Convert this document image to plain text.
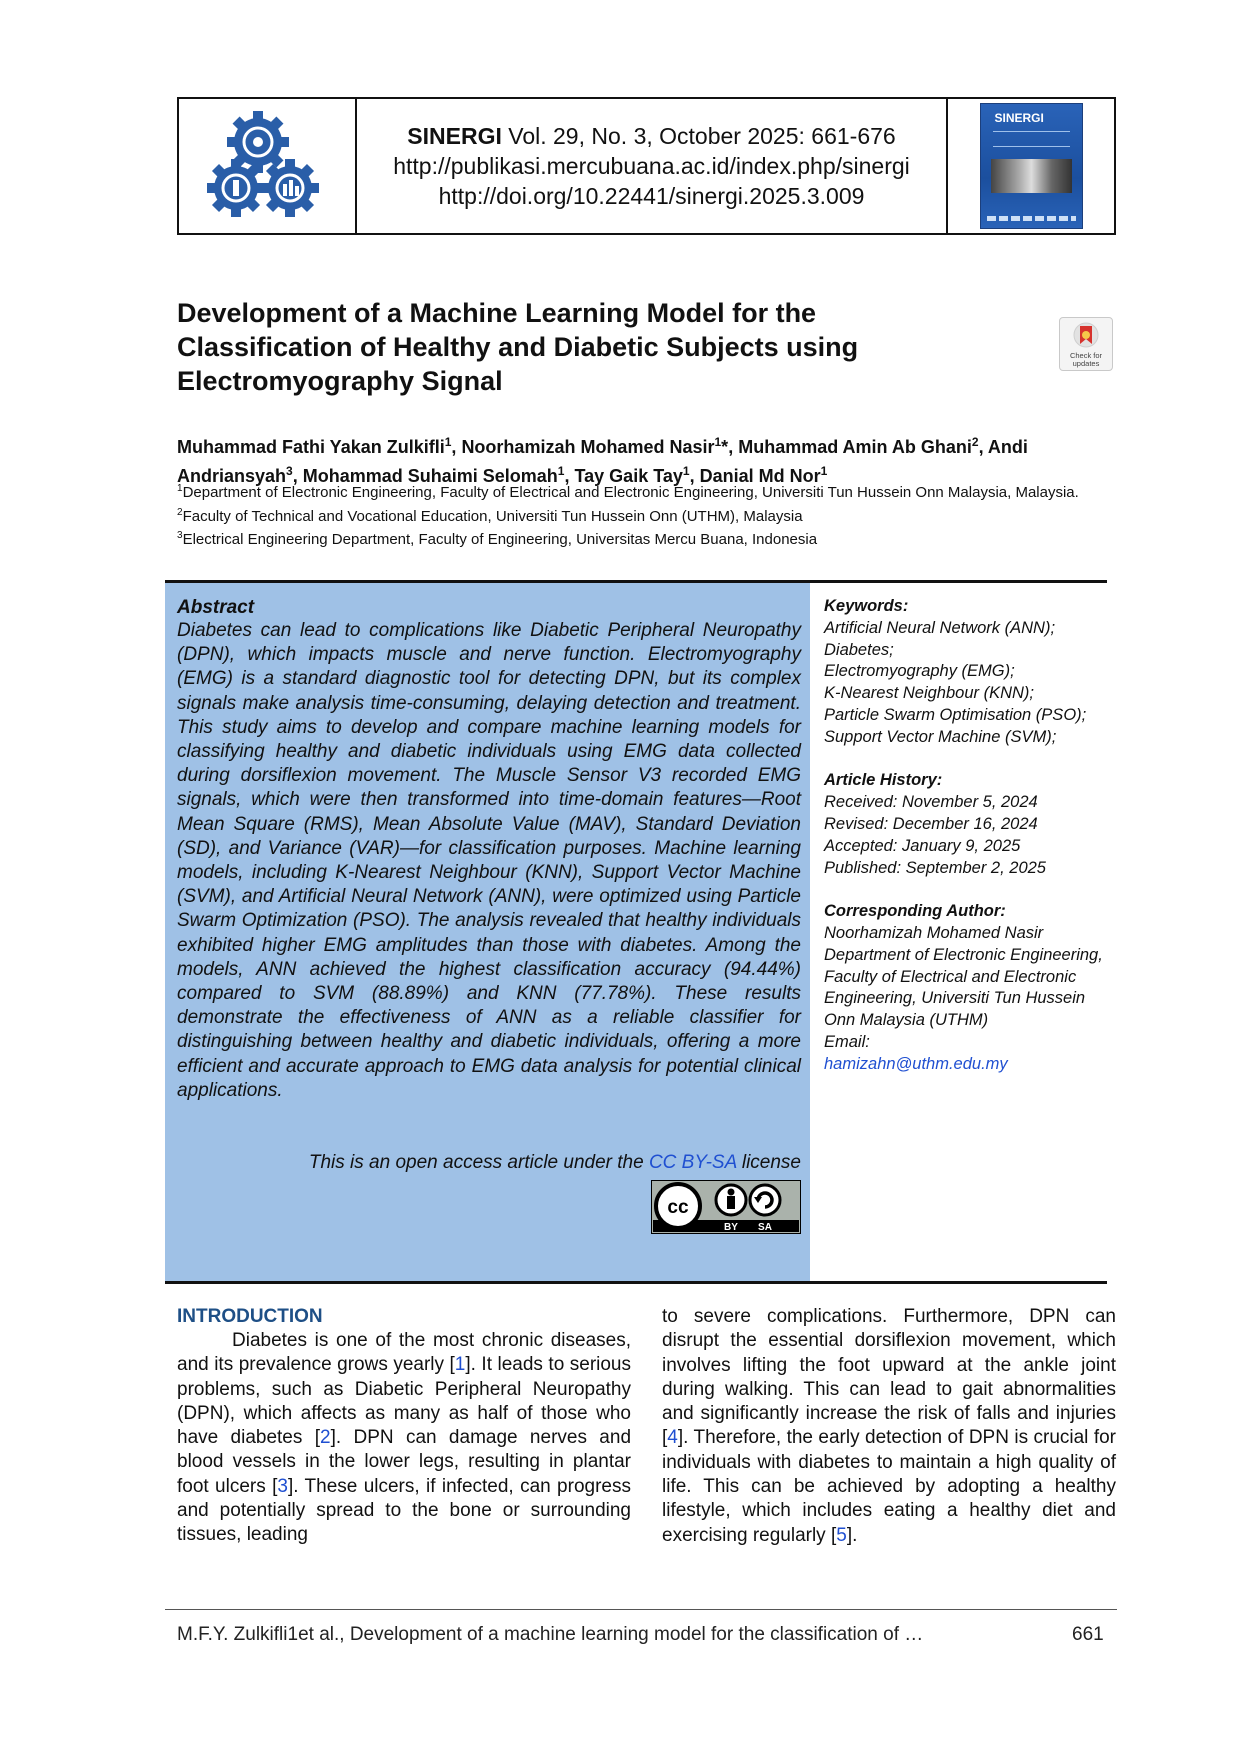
SINERGI Vol. 29, No. 3, October 2025: 661-676
http://publikasi.mercubuana.ac.id/index.php/sinergi
http://doi.org/10.22441/sinergi.2025.3.009
SINERGI
Development of a Machine Learning Model for the Classification of Healthy and Diabetic Subjects using Electromyography Signal
Check for updates
Muhammad Fathi Yakan Zulkifli$^1$, Noorhamizah Mohamed Nasir$^1$*, Muhammad Amin Ab Ghani$^2$, Andi Andriansyah$^3$, Mohammad Suhaimi Selomah$^1$, Tay Gaik Tay$^1$, Danial Md Nor$^1$
$^1$Department of Electronic Engineering, Faculty of Electrical and Electronic Engineering, Universiti Tun Hussein Onn Malaysia, Malaysia.
$^2$Faculty of Technical and Vocational Education, Universiti Tun Hussein Onn (UTHM), Malaysia
$^3$Electrical Engineering Department, Faculty of Engineering, Universitas Mercu Buana, Indonesia
Abstract

Diabetes can lead to complications like Diabetic Peripheral Neuropathy (DPN), which impacts muscle and nerve function. Electromyography (EMG) is a standard diagnostic tool for detecting DPN, but its complex signals make analysis time-consuming, delaying detection and treatment. This study aims to develop and compare machine learning models for classifying healthy and diabetic individuals using EMG data collected during dorsiflexion movement. The Muscle Sensor V3 recorded EMG signals, which were then transformed into time-domain features—Root Mean Square (RMS), Mean Absolute Value (MAV), Standard Deviation (SD), and Variance (VAR)—for classification purposes. Machine learning models, including K-Nearest Neighbour (KNN), Support Vector Machine (SVM), and Artificial Neural Network (ANN), were optimized using Particle Swarm Optimization (PSO). The analysis revealed that healthy individuals exhibited higher EMG amplitudes than those with diabetes. Among the models, ANN achieved the highest classification accuracy (94.44%) compared to SVM (88.89%) and KNN (77.78%). These results demonstrate the effectiveness of ANN as a reliable classifier for distinguishing between healthy and diabetic individuals, offering a more efficient and accurate approach to EMG data analysis for potential clinical applications.

This is an open access article under the CC BY-SA license
cc
BY SA
Keywords:
Artificial Neural Network (ANN);
Diabetes;
Electromyography (EMG);
K-Nearest Neighbour (KNN);
Particle Swarm Optimisation (PSO);
Support Vector Machine (SVM);
Article History:
Received: November 5, 2024
Revised: December 16, 2024
Accepted: January 9, 2025
Published: September 2, 2025
Corresponding Author:
Noorhamizah Mohamed Nasir
Department of Electronic Engineering, Faculty of Electrical and Electronic Engineering, Universiti Tun Hussein Onn Malaysia (UTHM)
Email:
hamizahn@uthm.edu.my
INTRODUCTION

Diabetes is one of the most chronic diseases, and its prevalence grows yearly [1]. It leads to serious problems, such as Diabetic Peripheral Neuropathy (DPN), which affects as many as half of those who have diabetes [2]. DPN can damage nerves and blood vessels in the lower legs, resulting in plantar foot ulcers [3]. These ulcers, if infected, can progress and potentially spread to the bone or surrounding tissues, leading

to severe complications. Furthermore, DPN can disrupt the essential dorsiflexion movement, which involves lifting the foot upward at the ankle joint during walking. This can lead to gait abnormalities and significantly increase the risk of falls and injuries [4]. Therefore, the early detection of DPN is crucial for individuals with diabetes to maintain a high quality of life. This can be achieved by adopting a healthy lifestyle, which includes eating a healthy diet and exercising regularly [5].

M.F.Y. Zulkifli1et al., Development of a machine learning model for the classification of …	661
